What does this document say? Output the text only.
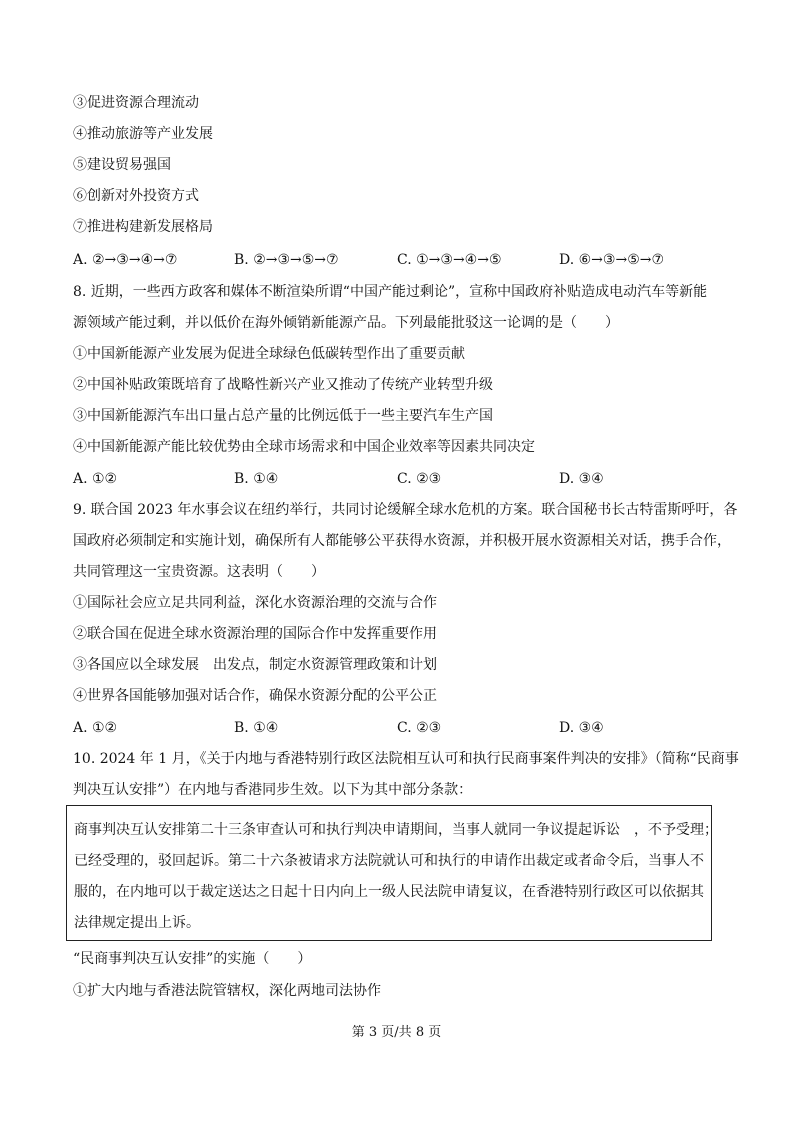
③促进资源合理流动
④推动旅游等产业发展
⑤建设贸易强国
⑥创新对外投资方式
⑦推进构建新发展格局
A. ②→③→④→⑦	B. ②→③→⑤→⑦	C. ①→③→④→⑤	D. ⑥→③→⑤→⑦
8. 近期，一些西方政客和媒体不断渲染所谓“中国产能过剩论”，宣称中国政府补贴造成电动汽车等新能
源领域产能过剩，并以低价在海外倾销新能源产品。下列最能批驳这一论调的是（　　）
①中国新能源产业发展为促进全球绿色低碳转型作出了重要贡献
②中国补贴政策既培育了战略性新兴产业又推动了传统产业转型升级
③中国新能源汽车出口量占总产量的比例远低于一些主要汽车生产国
④中国新能源产能比较优势由全球市场需求和中国企业效率等因素共同决定
A. ①②	B. ①④	C. ②③	D. ③④
9. 联合国 2023 年水事会议在纽约举行，共同讨论缓解全球水危机的方案。联合国秘书长古特雷斯呼吁，各
国政府必须制定和实施计划，确保所有人都能够公平获得水资源，并积极开展水资源相关对话，携手合作，
共同管理这一宝贵资源。这表明（　　）
①国际社会应立足共同利益，深化水资源治理的交流与合作
②联合国在促进全球水资源治理的国际合作中发挥重要作用
③各国应以全球发展　出发点，制定水资源管理政策和计划
④世界各国能够加强对话合作，确保水资源分配的公平公正
A. ①②	B. ①④	C. ②③	D. ③④
10. 2024 年 1 月，《关于内地与香港特别行政区法院相互认可和执行民商事案件判决的安排》（简称“民商事
判决互认安排”）在内地与香港同步生效。以下为其中部分条款：
商事判决互认安排第二十三条审查认可和执行判决申请期间，当事人就同一争议提起诉讼　，不予受理；
已经受理的，驳回起诉。第二十六条被请求方法院就认可和执行的申请作出裁定或者命令后，当事人不
服的，在内地可以于裁定送达之日起十日内向上一级人民法院申请复议，在香港特别行政区可以依据其
法律规定提出上诉。
“民商事判决互认安排”的实施（　　）
①扩大内地与香港法院管辖权，深化两地司法协作
第 3 页/共 8 页
